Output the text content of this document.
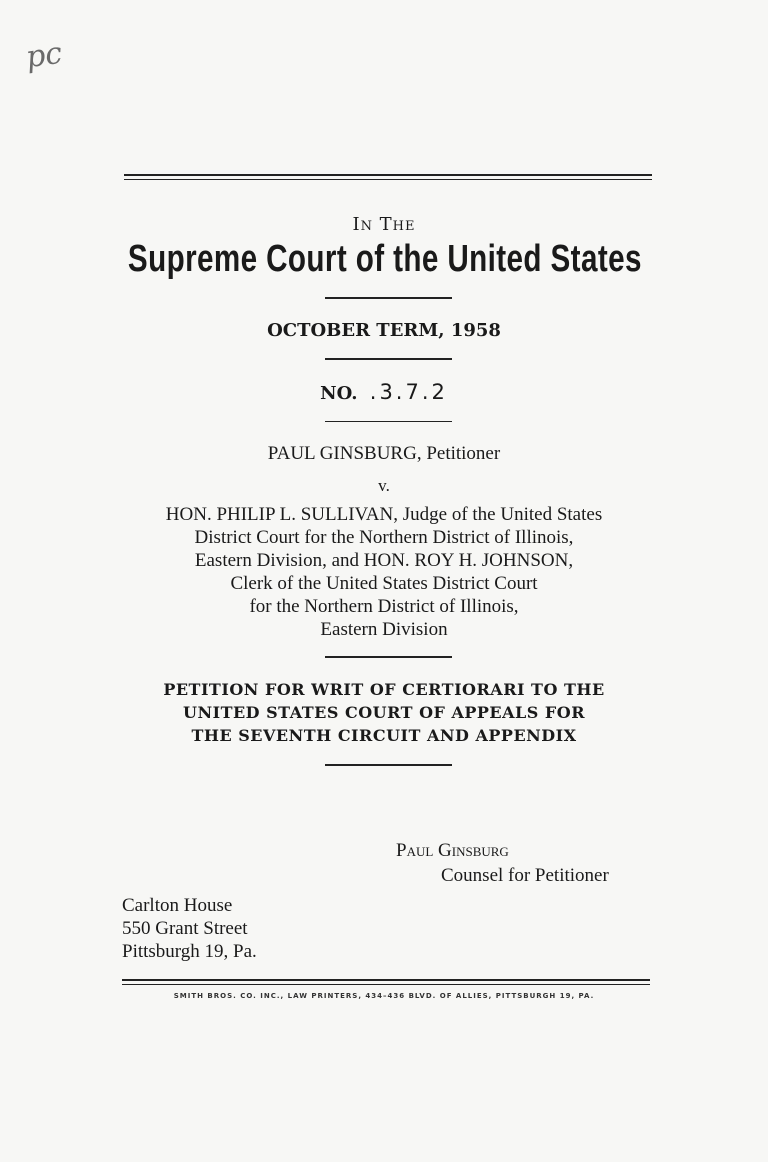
pc
In The
Supreme Court of the United States
OCTOBER TERM, 1958
NO. .3.7.2
PAUL GINSBURG, Petitioner
v.
HON. PHILIP L. SULLIVAN, Judge of the United States
District Court for the Northern District of Illinois,
Eastern Division, and HON. ROY H. JOHNSON,
Clerk of the United States District Court
for the Northern District of Illinois,
Eastern Division
PETITION FOR WRIT OF CERTIORARI TO THE
UNITED STATES COURT OF APPEALS FOR
THE SEVENTH CIRCUIT AND APPENDIX
Paul Ginsburg
Counsel for Petitioner
Carlton House
550 Grant Street
Pittsburgh 19, Pa.
SMITH BROS. CO. INC., LAW PRINTERS, 434–436 BLVD. OF ALLIES, PITTSBURGH 19, PA.
